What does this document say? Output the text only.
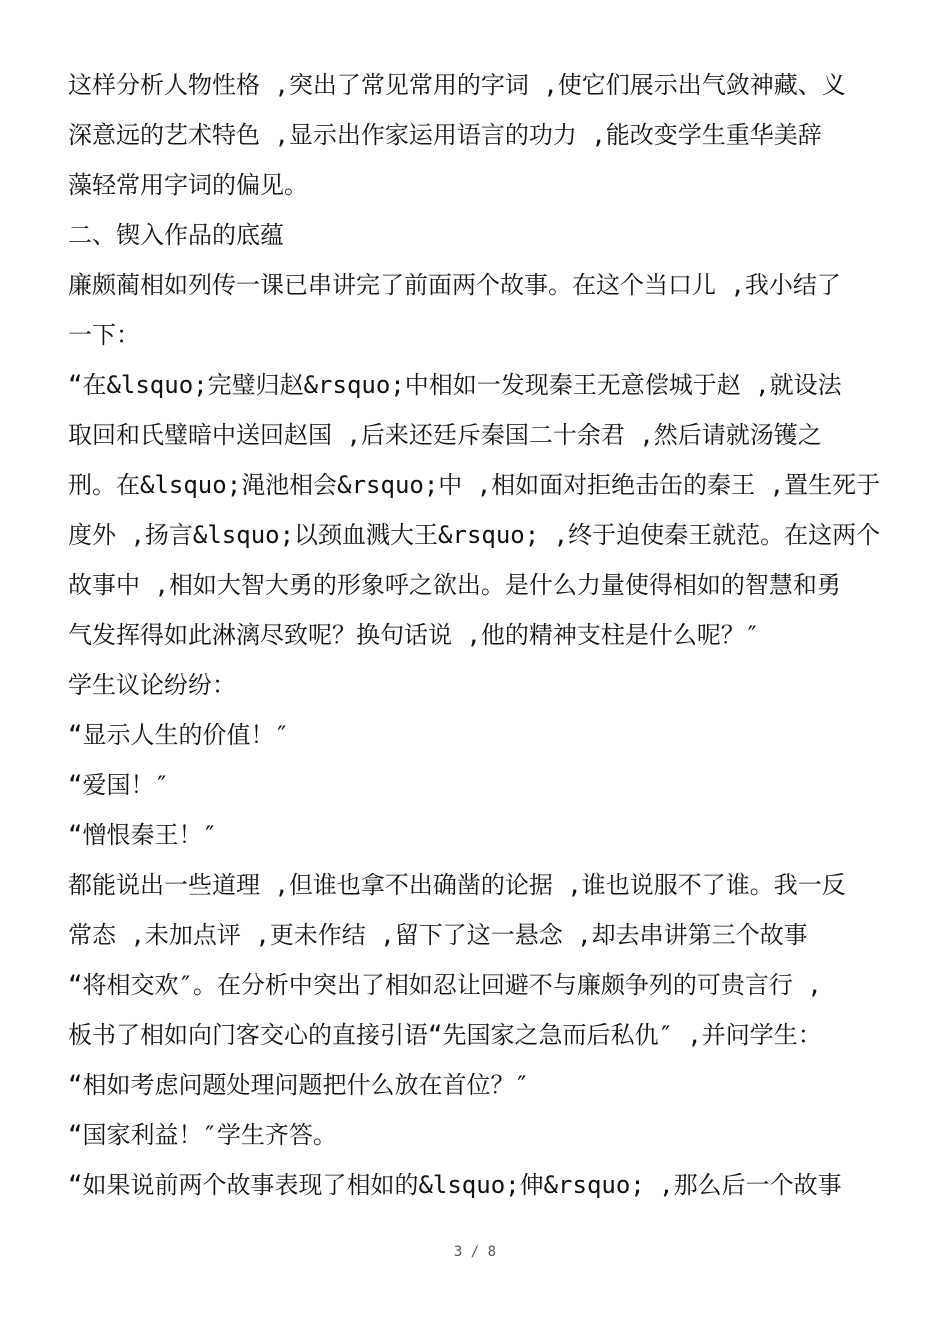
这样分析人物性格 ,突出了常见常用的字词 ,使它们展示出气敛神藏、义
深意远的艺术特色 ,显示出作家运用语言的功力 ,能改变学生重华美辞
藻轻常用字词的偏见。
二、锲入作品的底蕴
廉颇蔺相如列传一课已串讲完了前面两个故事。在这个当口儿 ,我小结了
一下：
“在&lsquo;完璧归赵&rsquo;中相如一发现秦王无意偿城于赵 ,就设法
取回和氏璧暗中送回赵国 ,后来还廷斥秦国二十余君 ,然后请就汤镬之
刑。在&lsquo;渑池相会&rsquo;中 ,相如面对拒绝击缶的秦王 ,置生死于
度外 ,扬言&lsquo;以颈血溅大王&rsquo; ,终于迫使秦王就范。在这两个
故事中 ,相如大智大勇的形象呼之欲出。是什么力量使得相如的智慧和勇
气发挥得如此淋漓尽致呢？换句话说 ,他的精神支柱是什么呢？″
学生议论纷纷：
“显示人生的价值！″
“爱国！″
“憎恨秦王！″
都能说出一些道理 ,但谁也拿不出确凿的论据 ,谁也说服不了谁。我一反
常态 ,未加点评 ,更未作结 ,留下了这一悬念 ,却去串讲第三个故事
“将相交欢″。在分析中突出了相如忍让回避不与廉颇争列的可贵言行 ,
板书了相如向门客交心的直接引语“先国家之急而后私仇″ ,并问学生：
“相如考虑问题处理问题把什么放在首位？″
“国家利益！″学生齐答。
“如果说前两个故事表现了相如的&lsquo;伸&rsquo; ,那么后一个故事
3 / 8
